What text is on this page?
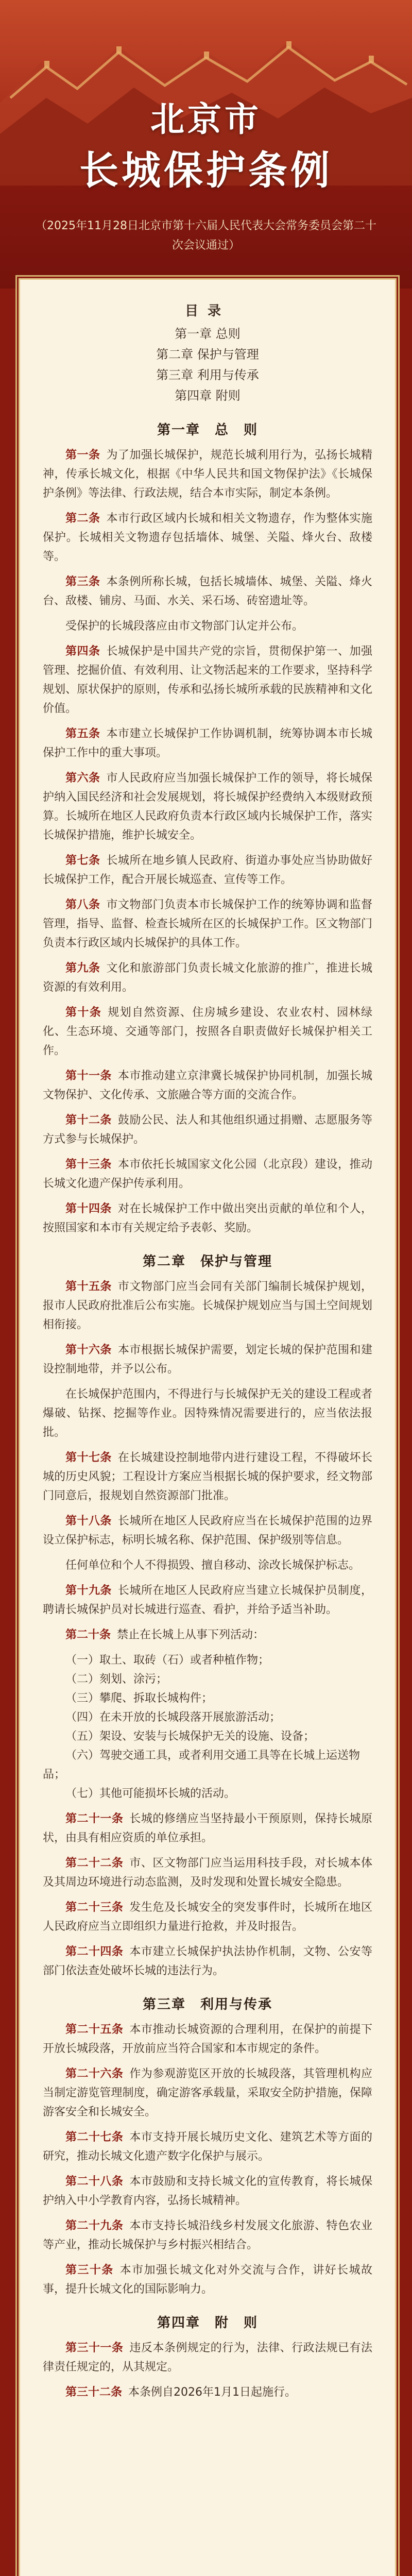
北京市
长城保护条例
（2025年11月28日北京市第十六届人民代表大会常务委员会第二十次会议通过）
目录
第一章 总则
第二章 保护与管理
第三章 利用与传承
第四章 附则
第一章　总　则

第一条 为了加强长城保护，规范长城利用行为，弘扬长城精神，传承长城文化，根据《中华人民共和国文物保护法》《长城保护条例》等法律、行政法规，结合本市实际，制定本条例。

第二条 本市行政区域内长城和相关文物遗存，作为整体实施保护。长城相关文物遗存包括墙体、城堡、关隘、烽火台、敌楼等。

第三条 本条例所称长城，包括长城墙体、城堡、关隘、烽火台、敌楼、铺房、马面、水关、采石场、砖窑遗址等。

受保护的长城段落应由市文物部门认定并公布。

第四条 长城保护是中国共产党的宗旨，贯彻保护第一、加强管理、挖掘价值、有效利用、让文物活起来的工作要求，坚持科学规划、原状保护的原则，传承和弘扬长城所承载的民族精神和文化价值。

第五条 本市建立长城保护工作协调机制，统筹协调本市长城保护工作中的重大事项。

第六条 市人民政府应当加强长城保护工作的领导，将长城保护纳入国民经济和社会发展规划，将长城保护经费纳入本级财政预算。长城所在地区人民政府负责本行政区域内长城保护工作，落实长城保护措施，维护长城安全。

第七条 长城所在地乡镇人民政府、街道办事处应当协助做好长城保护工作，配合开展长城巡查、宣传等工作。

第八条 市文物部门负责本市长城保护工作的统筹协调和监督管理，指导、监督、检查长城所在区的长城保护工作。区文物部门负责本行政区域内长城保护的具体工作。

第九条 文化和旅游部门负责长城文化旅游的推广，推进长城资源的有效利用。

第十条 规划自然资源、住房城乡建设、农业农村、园林绿化、生态环境、交通等部门，按照各自职责做好长城保护相关工作。

第十一条 本市推动建立京津冀长城保护协同机制，加强长城文物保护、文化传承、文旅融合等方面的交流合作。

第十二条 鼓励公民、法人和其他组织通过捐赠、志愿服务等方式参与长城保护。

第十三条 本市依托长城国家文化公园（北京段）建设，推动长城文化遗产保护传承利用。

第十四条 对在长城保护工作中做出突出贡献的单位和个人，按照国家和本市有关规定给予表彰、奖励。

第二章　保护与管理

第十五条 市文物部门应当会同有关部门编制长城保护规划，报市人民政府批准后公布实施。长城保护规划应当与国土空间规划相衔接。

第十六条 本市根据长城保护需要，划定长城的保护范围和建设控制地带，并予以公布。

在长城保护范围内，不得进行与长城保护无关的建设工程或者爆破、钻探、挖掘等作业。因特殊情况需要进行的，应当依法报批。

第十七条 在长城建设控制地带内进行建设工程，不得破坏长城的历史风貌；工程设计方案应当根据长城的保护要求，经文物部门同意后，报规划自然资源部门批准。

第十八条 长城所在地区人民政府应当在长城保护范围的边界设立保护标志，标明长城名称、保护范围、保护级别等信息。

任何单位和个人不得损毁、擅自移动、涂改长城保护标志。

第十九条 长城所在地区人民政府应当建立长城保护员制度，聘请长城保护员对长城进行巡查、看护，并给予适当补助。

第二十条 禁止在长城上从事下列活动：

（一）取土、取砖（石）或者种植作物；

（二）刻划、涂污；

（三）攀爬、拆取长城构件；

（四）在未开放的长城段落开展旅游活动；

（五）架设、安装与长城保护无关的设施、设备；

（六）驾驶交通工具，或者利用交通工具等在长城上运送物品；

（七）其他可能损坏长城的活动。

第二十一条 长城的修缮应当坚持最小干预原则，保持长城原状，由具有相应资质的单位承担。

第二十二条 市、区文物部门应当运用科技手段，对长城本体及其周边环境进行动态监测，及时发现和处置长城安全隐患。

第二十三条 发生危及长城安全的突发事件时，长城所在地区人民政府应当立即组织力量进行抢救，并及时报告。

第二十四条 本市建立长城保护执法协作机制，文物、公安等部门依法查处破坏长城的违法行为。

第三章　利用与传承

第二十五条 本市推动长城资源的合理利用，在保护的前提下开放长城段落，开放前应当符合国家和本市规定的条件。

第二十六条 作为参观游览区开放的长城段落，其管理机构应当制定游览管理制度，确定游客承载量，采取安全防护措施，保障游客安全和长城安全。

第二十七条 本市支持开展长城历史文化、建筑艺术等方面的研究，推动长城文化遗产数字化保护与展示。

第二十八条 本市鼓励和支持长城文化的宣传教育，将长城保护纳入中小学教育内容，弘扬长城精神。

第二十九条 本市支持长城沿线乡村发展文化旅游、特色农业等产业，推动长城保护与乡村振兴相结合。

第三十条 本市加强长城文化对外交流与合作，讲好长城故事，提升长城文化的国际影响力。

第四章　附　则

第三十一条 违反本条例规定的行为，法律、行政法规已有法律责任规定的，从其规定。

第三十二条 本条例自2026年1月1日起施行。
